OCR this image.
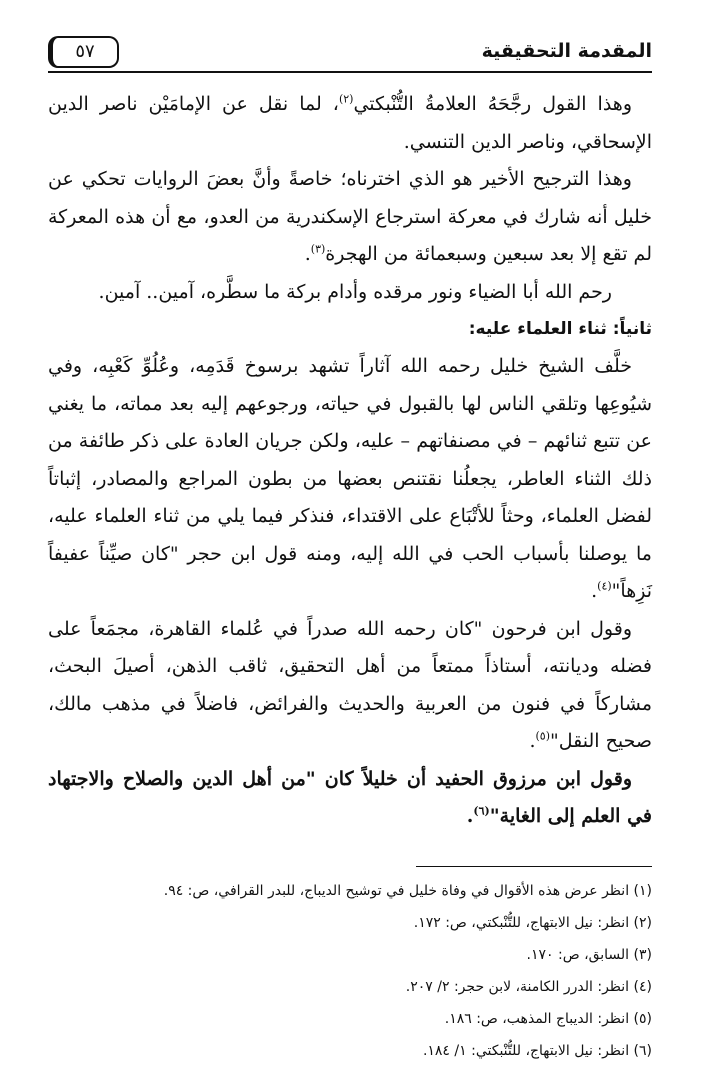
٥٧	المقدمة التحقيقية

وهذا القول رجَّحَهُ العلامةُ التُّنْبكتي$^{(٢)}$، لما نقل عن الإمامَيْن ناصر الدين الإسحاقي، وناصر الدين التنسي.

وهذا الترجيح الأخير هو الذي اخترناه؛ خاصةً وأنَّ بعضَ الروايات تحكي عن خليل أنه شارك في معركة استرجاع الإسكندرية من العدو، مع أن هذه المعركة لم تقع إلا بعد سبعين وسبعمائة من الهجرة$^{(٣)}$.

رحم الله أبا الضياء ونور مرقده وأدام بركة ما سطَّره، آمين.. آمين.

ثانياً: ثناء العلماء عليه:

خلَّف الشيخ خليل رحمه الله آثاراً تشهد برسوخ قَدَمِه، وعُلُوِّ كَعْبِه، وفي شيُوعِها وتلقي الناس لها بالقبول في حياته، ورجوعهم إليه بعد مماته، ما يغني عن تتبع ثنائهم – في مصنفاتهم – عليه، ولكن جريان العادة على ذكر طائفة من ذلك الثناء العاطر، يجعلُنا نقتنص بعضها من بطون المراجع والمصادر، إثباتاً لفضل العلماء، وحثاً للأتْبَاع على الاقتداء، فنذكر فيما يلي من ثناء العلماء عليه، ما يوصلنا بأسباب الحب في الله إليه، ومنه قول ابن حجر "كان صيِّناً عفيفاً نَزِهاً"$^{(٤)}$.

وقول ابن فرحون "كان رحمه الله صدراً في عُلماء القاهرة، مجمَعاً على فضله وديانته، أستاذاً ممتعاً من أهل التحقيق، ثاقب الذهن، أصيلَ البحث، مشاركاً في فنون من العربية والحديث والفرائض، فاضلاً في مذهب مالك، صحيح النقل"$^{(٥)}$.

وقول ابن مرزوق الحفيد أن خليلاً كان "من أهل الدين والصلاح والاجتهاد في العلم إلى الغاية"$^{(٦)}$.

(١) انظر عرض هذه الأقوال في وفاة خليل في توشيح الديباج، للبدر القرافي، ص: ٩٤.

(٢) انظر: نيل الابتهاج، للتُّنْبكتي، ص: ١٧٢.

(٣) السابق، ص: ١٧٠.

(٤) انظر: الدرر الكامنة، لابن حجر: ٢/ ٢٠٧.

(٥) انظر: الديباج المذهب، ص: ١٨٦.

(٦) انظر: نيل الابتهاج، للتُّنْبكتي: ١/ ١٨٤.
